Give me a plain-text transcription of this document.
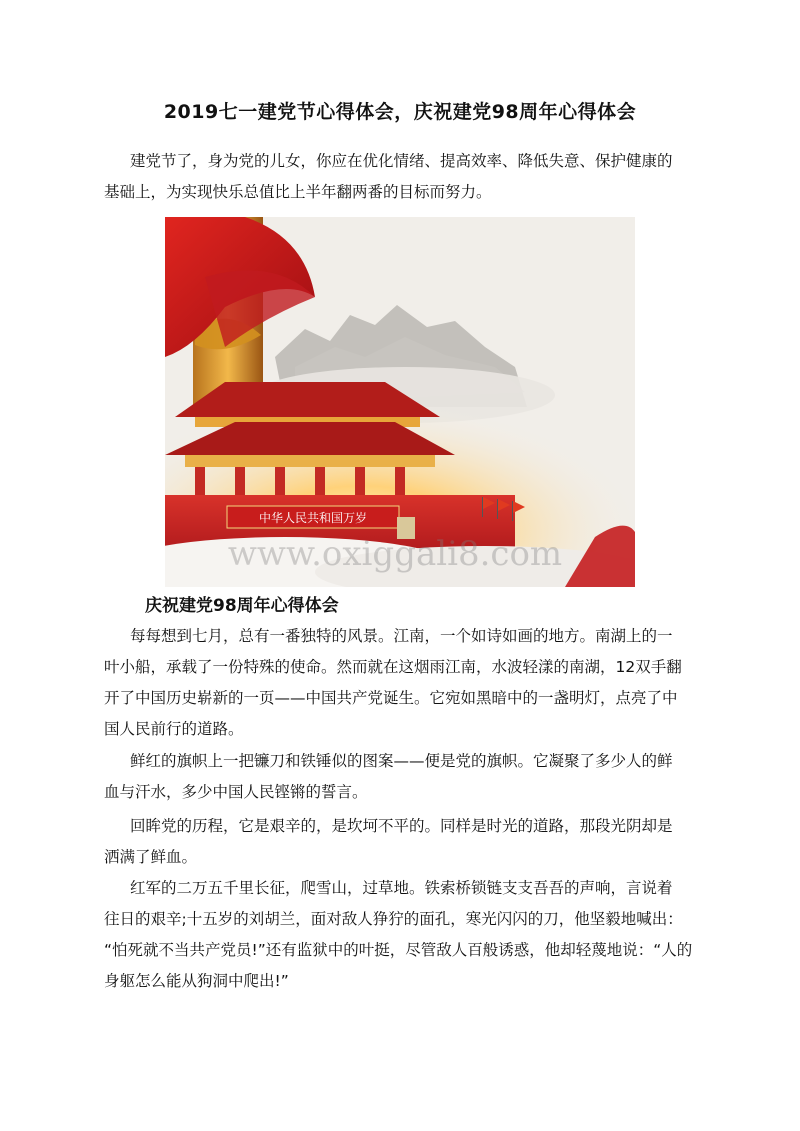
2019七一建党节心得体会，庆祝建党98周年心得体会
建党节了，身为党的儿女，你应在优化情绪、提高效率、降低失意、保护健康的
基础上，为实现快乐总值比上半年翻两番的目标而努力。
中华人民共和国万岁
www.oxiggali8.com
庆祝建党98周年心得体会
每每想到七月，总有一番独特的风景。江南，一个如诗如画的地方。南湖上的一
叶小船，承载了一份特殊的使命。然而就在这烟雨江南，水波轻漾的南湖，12双手翻
开了中国历史崭新的一页——中国共产党诞生。它宛如黑暗中的一盏明灯，点亮了中
国人民前行的道路。
鲜红的旗帜上一把镰刀和铁锤似的图案——便是党的旗帜。它凝聚了多少人的鲜
血与汗水，多少中国人民铿锵的誓言。
回眸党的历程，它是艰辛的，是坎坷不平的。同样是时光的道路，那段光阴却是
洒满了鲜血。
红军的二万五千里长征，爬雪山，过草地。铁索桥锁链支支吾吾的声响，言说着
往日的艰辛;十五岁的刘胡兰，面对敌人狰狞的面孔，寒光闪闪的刀，他坚毅地喊出：
“怕死就不当共产党员!”还有监狱中的叶挺，尽管敌人百般诱惑，他却轻蔑地说：“人的
身躯怎么能从狗洞中爬出!”
